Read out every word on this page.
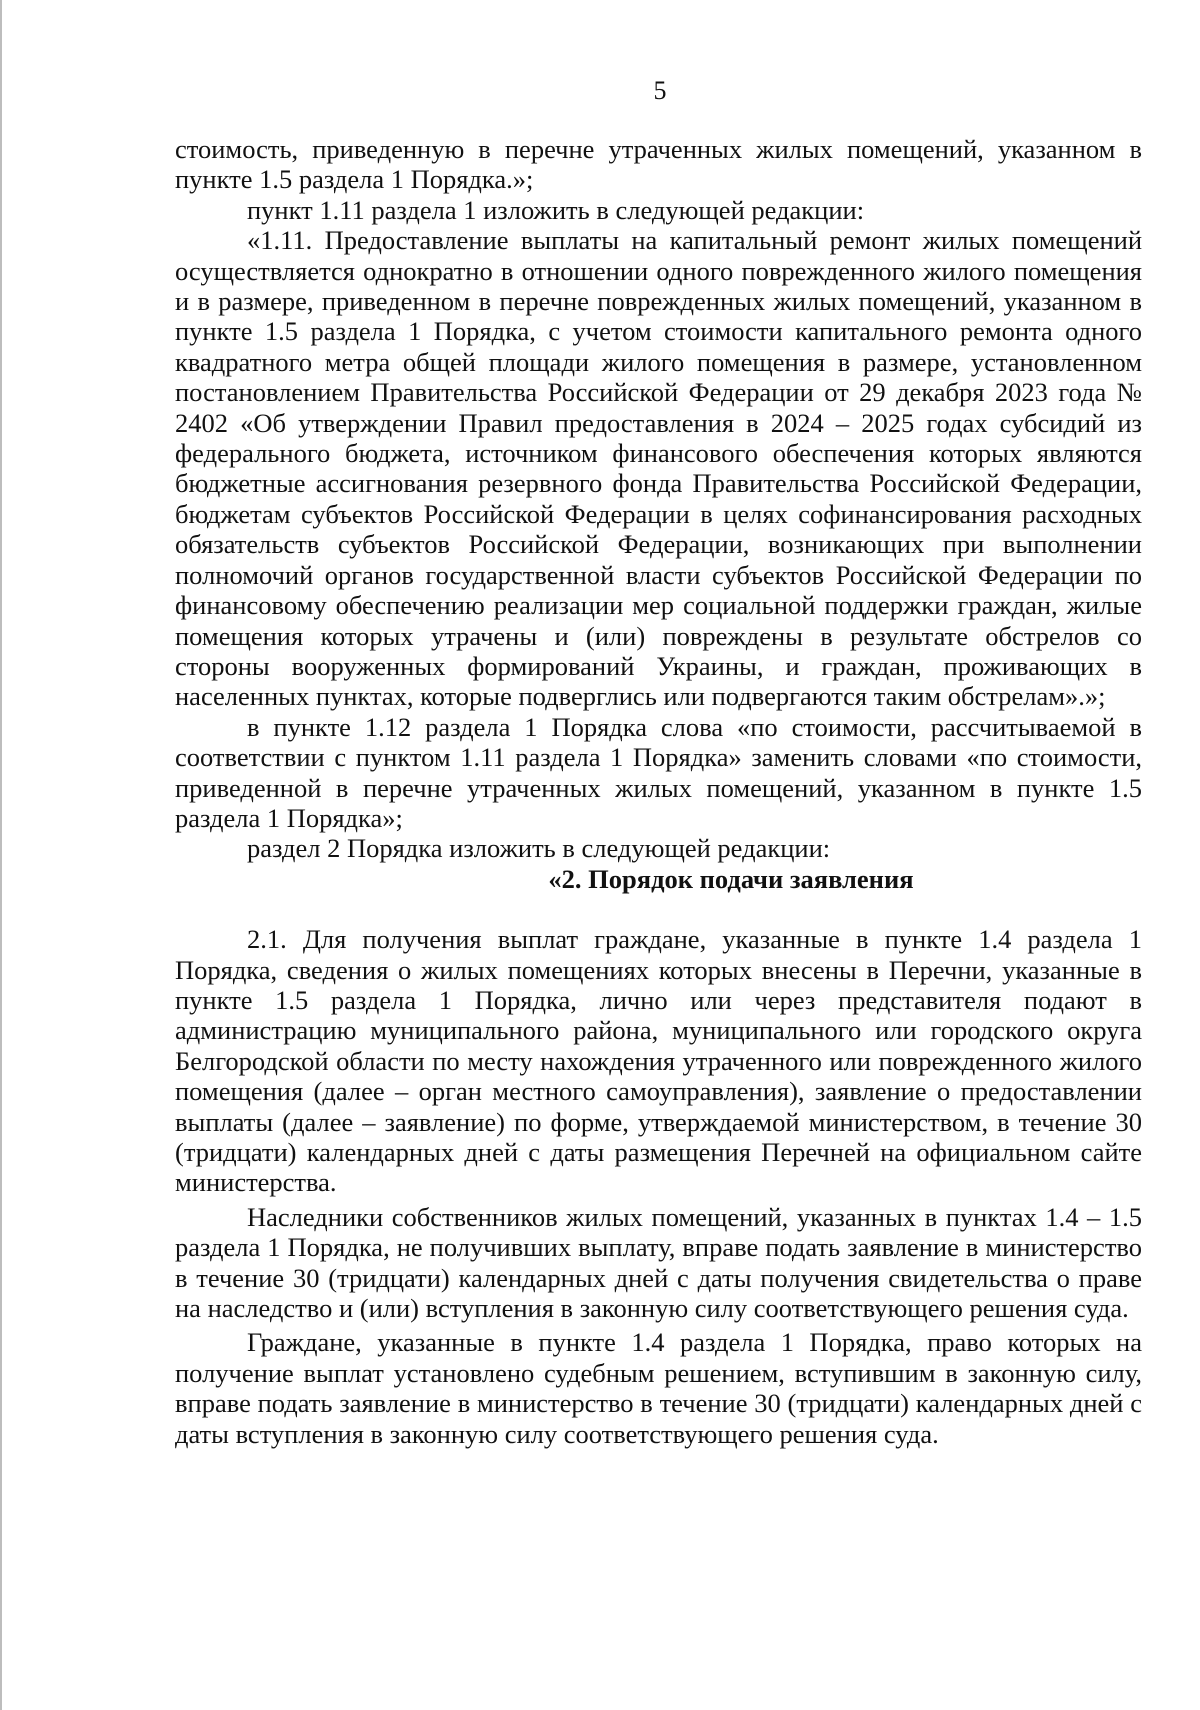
5

стоимость, приведенную в перечне утраченных жилых помещений, указанном в пункте 1.5 раздела 1 Порядка.»;

пункт 1.11 раздела 1 изложить в следующей редакции:

«1.11. Предоставление выплаты на капитальный ремонт жилых помещений осуществляется однократно в отношении одного поврежденного жилого помещения и в размере, приведенном в перечне поврежденных жилых помещений, указанном в пункте 1.5 раздела 1 Порядка, с учетом стоимости капитального ремонта одного квадратного метра общей площади жилого помещения в размере, установленном постановлением Правительства Российской Федерации от 29 декабря 2023 года № 2402 «Об утверждении Правил предоставления в 2024 – 2025 годах субсидий из федерального бюджета, источником финансового обеспечения которых являются бюджетные ассигнования резервного фонда Правительства Российской Федерации, бюджетам субъектов Российской Федерации в целях софинансирования расходных обязательств субъектов Российской Федерации, возникающих при выполнении полномочий органов государственной власти субъектов Российской Федерации по финансовому обеспечению реализации мер социальной поддержки граждан, жилые помещения которых утрачены и (или) повреждены в результате обстрелов со стороны вооруженных формирований Украины, и граждан, проживающих в населенных пунктах, которые подверглись или подвергаются таким обстрелам».»;

в пункте 1.12 раздела 1 Порядка слова «по стоимости, рассчитываемой в соответствии с пунктом 1.11 раздела 1 Порядка» заменить словами «по стоимости, приведенной в перечне утраченных жилых помещений, указанном в пункте 1.5 раздела 1 Порядка»;

раздел 2 Порядка изложить в следующей редакции:

«2. Порядок подачи заявления

2.1. Для получения выплат граждане, указанные в пункте 1.4 раздела 1 Порядка, сведения о жилых помещениях которых внесены в Перечни, указанные в пункте 1.5 раздела 1 Порядка, лично или через представителя подают в администрацию муниципального района, муниципального или городского округа Белгородской области по месту нахождения утраченного или поврежденного жилого помещения (далее – орган местного самоуправления), заявление о предоставлении выплаты (далее – заявление) по форме, утверждаемой министерством, в течение 30 (тридцати) календарных дней с даты размещения Перечней на официальном сайте министерства.

Наследники собственников жилых помещений, указанных в пунктах 1.4 – 1.5 раздела 1 Порядка, не получивших выплату, вправе подать заявление в министерство в течение 30 (тридцати) календарных дней с даты получения свидетельства о праве на наследство и (или) вступления в законную силу соответствующего решения суда.

Граждане, указанные в пункте 1.4 раздела 1 Порядка, право которых на получение выплат установлено судебным решением, вступившим в законную силу, вправе подать заявление в министерство в течение 30 (тридцати) календарных дней с даты вступления в законную силу соответствующего решения суда.
